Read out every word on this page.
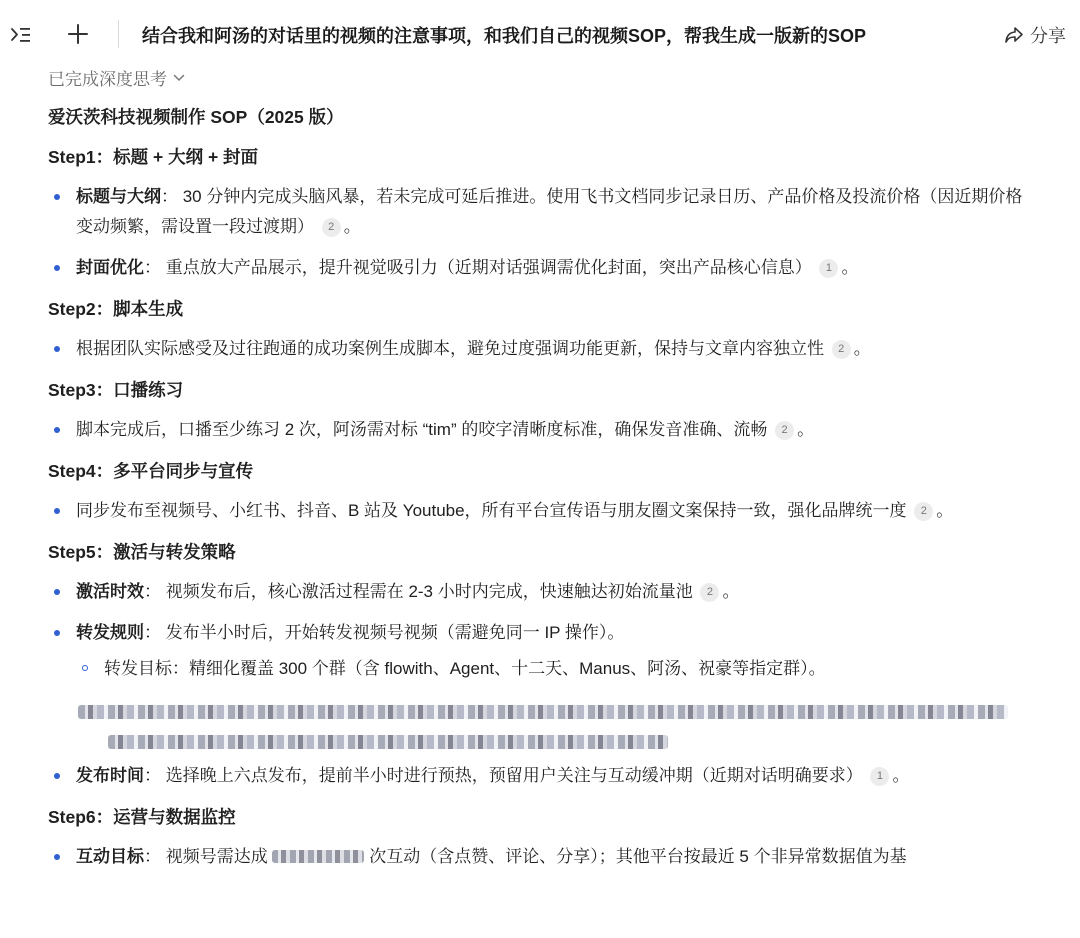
结合我和阿汤的对话里的视频的注意事项，和我们自己的视频SOP，帮我生成一版新的SOP	分享
已完成深度思考
爱沃茨科技视频制作 SOP（2025 版）
Step1：标题 + 大纲 + 封面
标题与大纲： 30 分钟内完成头脑风暴，若未完成可延后推进。使用飞书文档同步记录日历、产品价格及投流价格（因近期价格变动频繁，需设置一段过渡期） 2 。
封面优化： 重点放大产品展示，提升视觉吸引力（近期对话强调需优化封面，突出产品核心信息） 1 。
Step2：脚本生成
根据团队实际感受及过往跑通的成功案例生成脚本，避免过度强调功能更新，保持与文章内容独立性 2 。
Step3：口播练习
脚本完成后，口播至少练习 2 次，阿汤需对标 “tim” 的咬字清晰度标准，确保发音准确、流畅 2 。
Step4：多平台同步与宣传
同步发布至视频号、小红书、抖音、B 站及 Youtube，所有平台宣传语与朋友圈文案保持一致，强化品牌统一度 2 。
Step5：激活与转发策略
激活时效： 视频发布后，核心激活过程需在 2-3 小时内完成，快速触达初始流量池 2 。
转发规则： 发布半小时后，开始转发视频号视频（需避免同一 IP 操作）。
转发目标：精细化覆盖 300 个群（含 flowith、Agent、十二天、Manus、阿汤、祝豪等指定群）。
发布时间： 选择晚上六点发布，提前半小时进行预热，预留用户关注与互动缓冲期（近期对话明确要求） 1 。
Step6：运营与数据监控
互动目标： 视频号需达成	次互动（含点赞、评论、分享）；其他平台按最近 5 个非异常数据值为基
